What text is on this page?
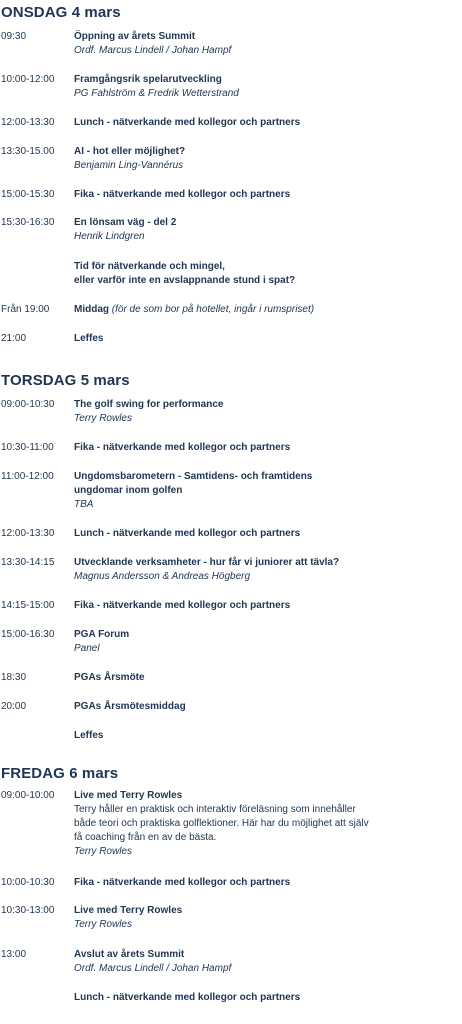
ONSDAG 4 mars
09:30	Öppning av årets Summit
Ordf. Marcus Lindell / Johan Hampf
10:00-12:00 Framgångsrik spelarutveckling
PG Fahlström & Fredrik Wetterstrand
12:00-13:30 Lunch - nätverkande med kollegor och partners
13:30-15.00 AI - hot eller möjlighet?
Benjamin Ling-Vannérus
15:00-15:30 Fika - nätverkande med kollegor och partners
15:30-16:30 En lönsam väg - del 2
Henrik Lindgren
Tid för nätverkande och mingel,
eller varför inte en avslappnande stund i spat?
Från 19:00 Middag (för de som bor på hotellet, ingår i rumspriset)
21:00	Leffes
TORSDAG 5 mars
09:00-10:30 The golf swing for performance
Terry Rowles
10:30-11:00 Fika - nätverkande med kollegor och partners
11:00-12:00 Ungdomsbarometern - Samtidens- och framtidens
ungdomar inom golfen
TBA
12:00-13:30 Lunch - nätverkande med kollegor och partners
13:30-14:15 Utvecklande verksamheter - hur får vi juniorer att tävla?
Magnus Andersson & Andreas Högberg
14:15-15:00 Fika - nätverkande med kollegor och partners
15:00-16:30 PGA Forum
Panel
18:30	PGAs Årsmöte
20:00	PGAs Årsmötesmiddag
Leffes
FREDAG 6 mars
09:00-10:00 Live med Terry Rowles
Terry håller en praktisk och interaktiv föreläsning som innehåller
både teori och praktiska golflektioner. Här har du möjlighet att själv
få coaching från en av de bästa.
Terry Rowles
10:00-10:30 Fika - nätverkande med kollegor och partners
10:30-13:00 Live med Terry Rowles
Terry Rowles
13:00	Avslut av årets Summit
Ordf. Marcus Lindell / Johan Hampf
Lunch - nätverkande med kollegor och partners
